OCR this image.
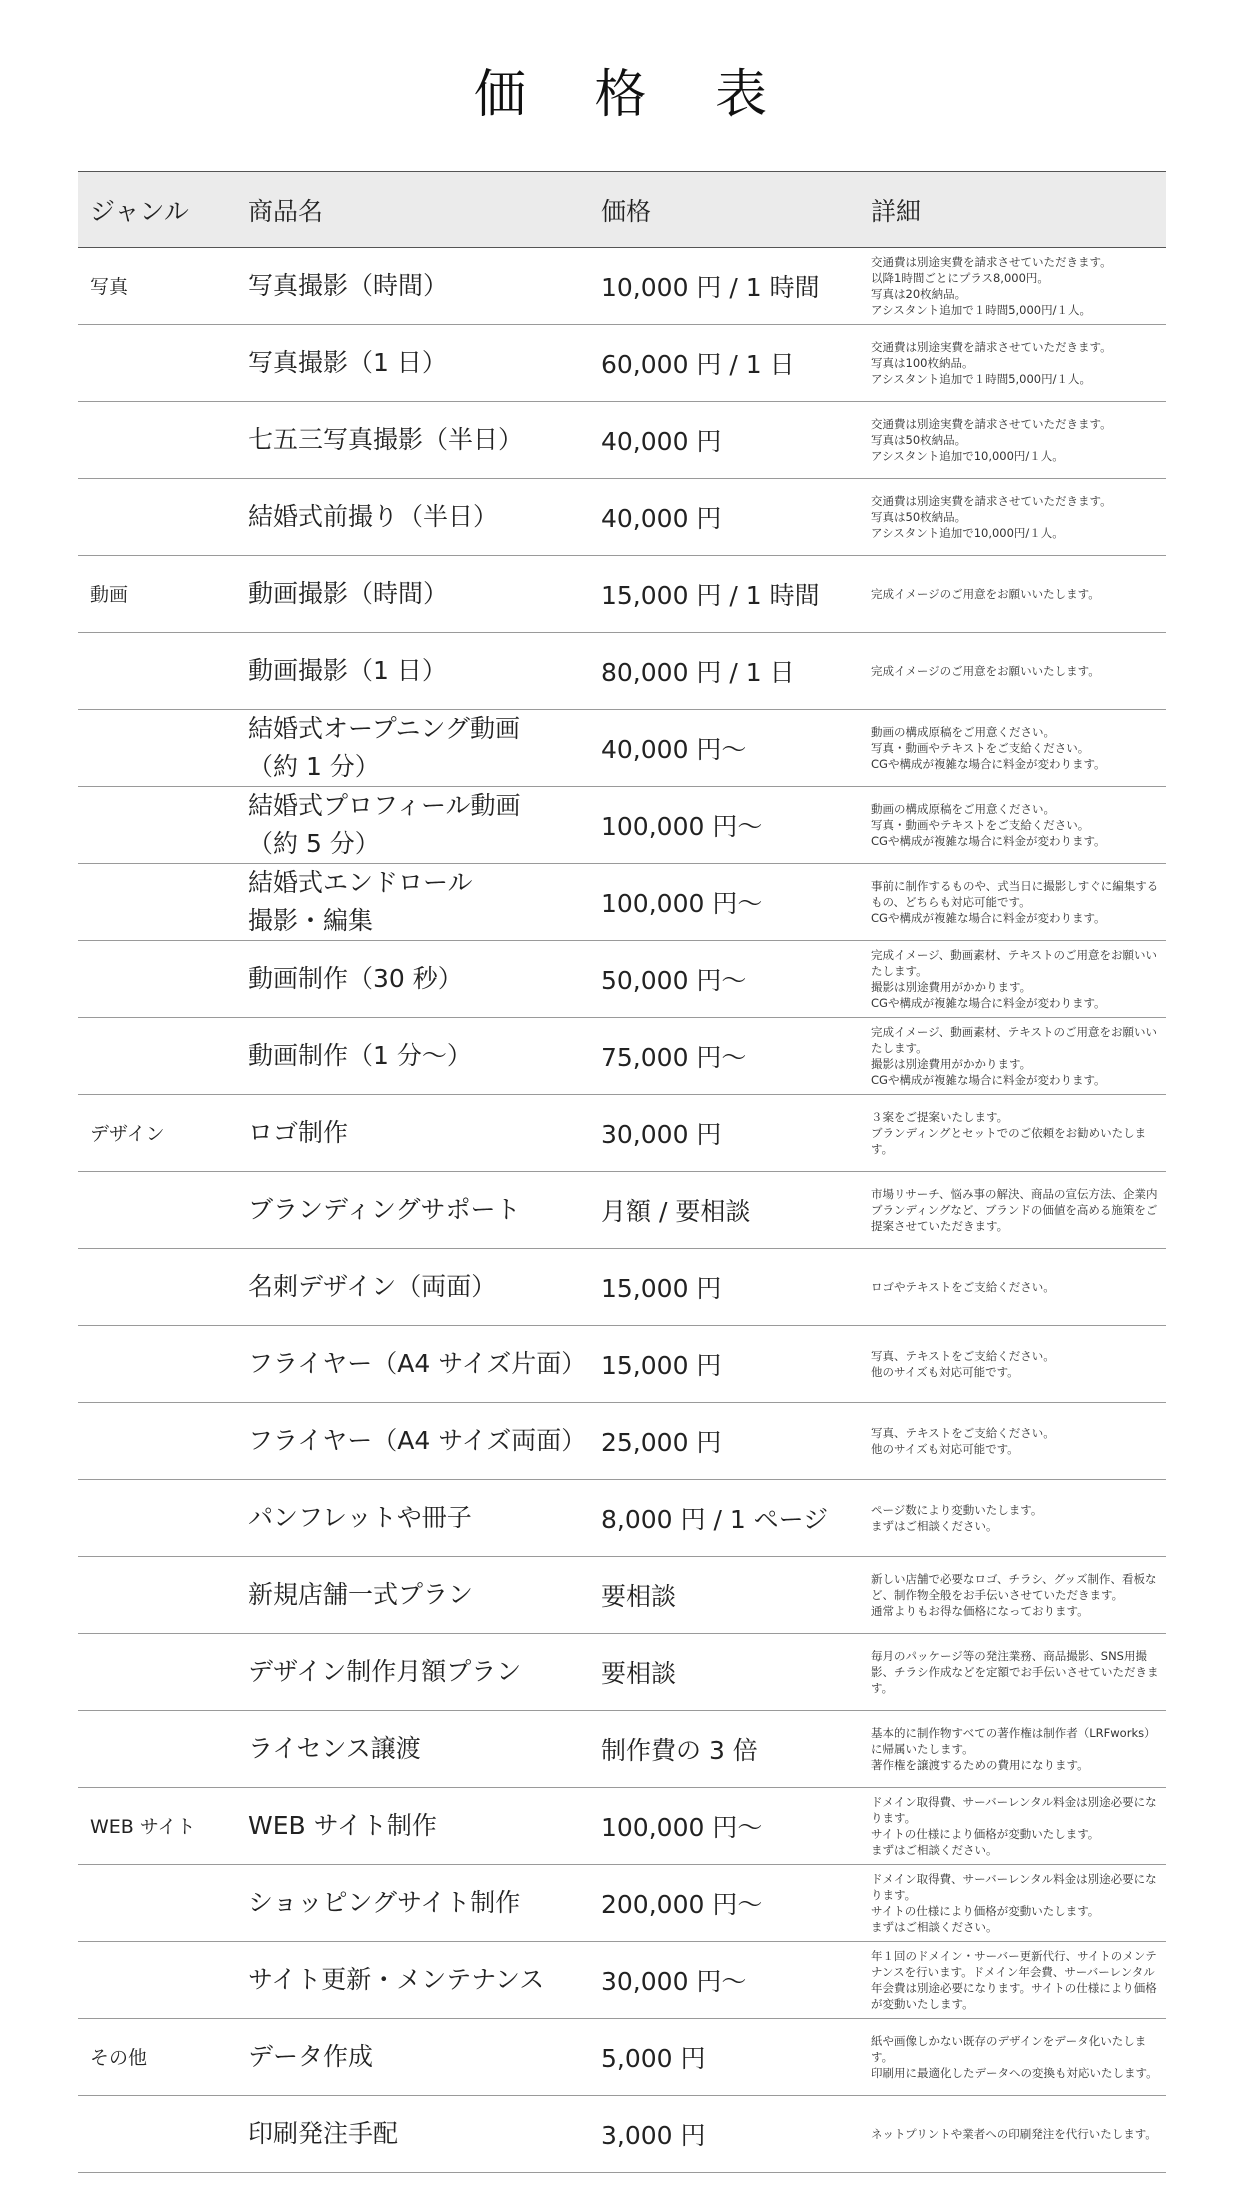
価 格 表
ジャンル	商品名	価格	詳細
写真	写真撮影（時間）	10,000 円 / 1 時間	交通費は別途実費を請求させていただきます。
以降1時間ごとにプラス8,000円。
写真は20枚納品。
アシスタント追加で１時間5,000円/１人。
	写真撮影（1 日）	60,000 円 / 1 日	交通費は別途実費を請求させていただきます。
写真は100枚納品。
アシスタント追加で１時間5,000円/１人。
	七五三写真撮影（半日）	40,000 円	交通費は別途実費を請求させていただきます。
写真は50枚納品。
アシスタント追加で10,000円/１人。
	結婚式前撮り（半日）	40,000 円	交通費は別途実費を請求させていただきます。
写真は50枚納品。
アシスタント追加で10,000円/１人。
動画	動画撮影（時間）	15,000 円 / 1 時間	完成イメージのご用意をお願いいたします。
	動画撮影（1 日）	80,000 円 / 1 日	完成イメージのご用意をお願いいたします。
	結婚式オープニング動画
（約 1 分）	40,000 円〜	動画の構成原稿をご用意ください。
写真・動画やテキストをご支給ください。
CGや構成が複雑な場合に料金が変わります。
	結婚式プロフィール動画
（約 5 分）	100,000 円〜	動画の構成原稿をご用意ください。
写真・動画やテキストをご支給ください。
CGや構成が複雑な場合に料金が変わります。
	結婚式エンドロール
撮影・編集	100,000 円〜	事前に制作するものや、式当日に撮影しすぐに編集するもの、どちらも対応可能です。
CGや構成が複雑な場合に料金が変わります。
	動画制作（30 秒）	50,000 円〜	完成イメージ、動画素材、テキストのご用意をお願いいたします。
撮影は別途費用がかかります。
CGや構成が複雑な場合に料金が変わります。
	動画制作（1 分〜）	75,000 円〜	完成イメージ、動画素材、テキストのご用意をお願いいたします。
撮影は別途費用がかかります。
CGや構成が複雑な場合に料金が変わります。
デザイン	ロゴ制作	30,000 円	３案をご提案いたします。
ブランディングとセットでのご依頼をお勧めいたします。
	ブランディングサポート	月額 / 要相談	市場リサーチ、悩み事の解決、商品の宣伝方法、企業内ブランディングなど、ブランドの価値を高める施策をご提案させていただきます。
	名刺デザイン（両面）	15,000 円	ロゴやテキストをご支給ください。
	フライヤー（A4 サイズ片面）	15,000 円	写真、テキストをご支給ください。
他のサイズも対応可能です。
	フライヤー（A4 サイズ両面）	25,000 円	写真、テキストをご支給ください。
他のサイズも対応可能です。
	パンフレットや冊子	8,000 円 / 1 ページ	ページ数により変動いたします。
まずはご相談ください。
	新規店舗一式プラン	要相談	新しい店舗で必要なロゴ、チラシ、グッズ制作、看板など、制作物全般をお手伝いさせていただきます。
通常よりもお得な価格になっております。
	デザイン制作月額プラン	要相談	毎月のパッケージ等の発注業務、商品撮影、SNS用撮影、チラシ作成などを定額でお手伝いさせていただきます。
	ライセンス譲渡	制作費の 3 倍	基本的に制作物すべての著作権は制作者（LRFworks）に帰属いたします。
著作権を譲渡するための費用になります。
WEB サイト	WEB サイト制作	100,000 円〜	ドメイン取得費、サーバーレンタル料金は別途必要になります。
サイトの仕様により価格が変動いたします。
まずはご相談ください。
	ショッピングサイト制作	200,000 円〜	ドメイン取得費、サーバーレンタル料金は別途必要になります。
サイトの仕様により価格が変動いたします。
まずはご相談ください。
	サイト更新・メンテナンス	30,000 円〜	年１回のドメイン・サーバー更新代行、サイトのメンテナンスを行います。ドメイン年会費、サーバーレンタル年会費は別途必要になります。サイトの仕様により価格が変動いたします。
その他	データ作成	5,000 円	紙や画像しかない既存のデザインをデータ化いたします。
印刷用に最適化したデータへの変換も対応いたします。
	印刷発注手配	3,000 円	ネットプリントや業者への印刷発注を代行いたします。
